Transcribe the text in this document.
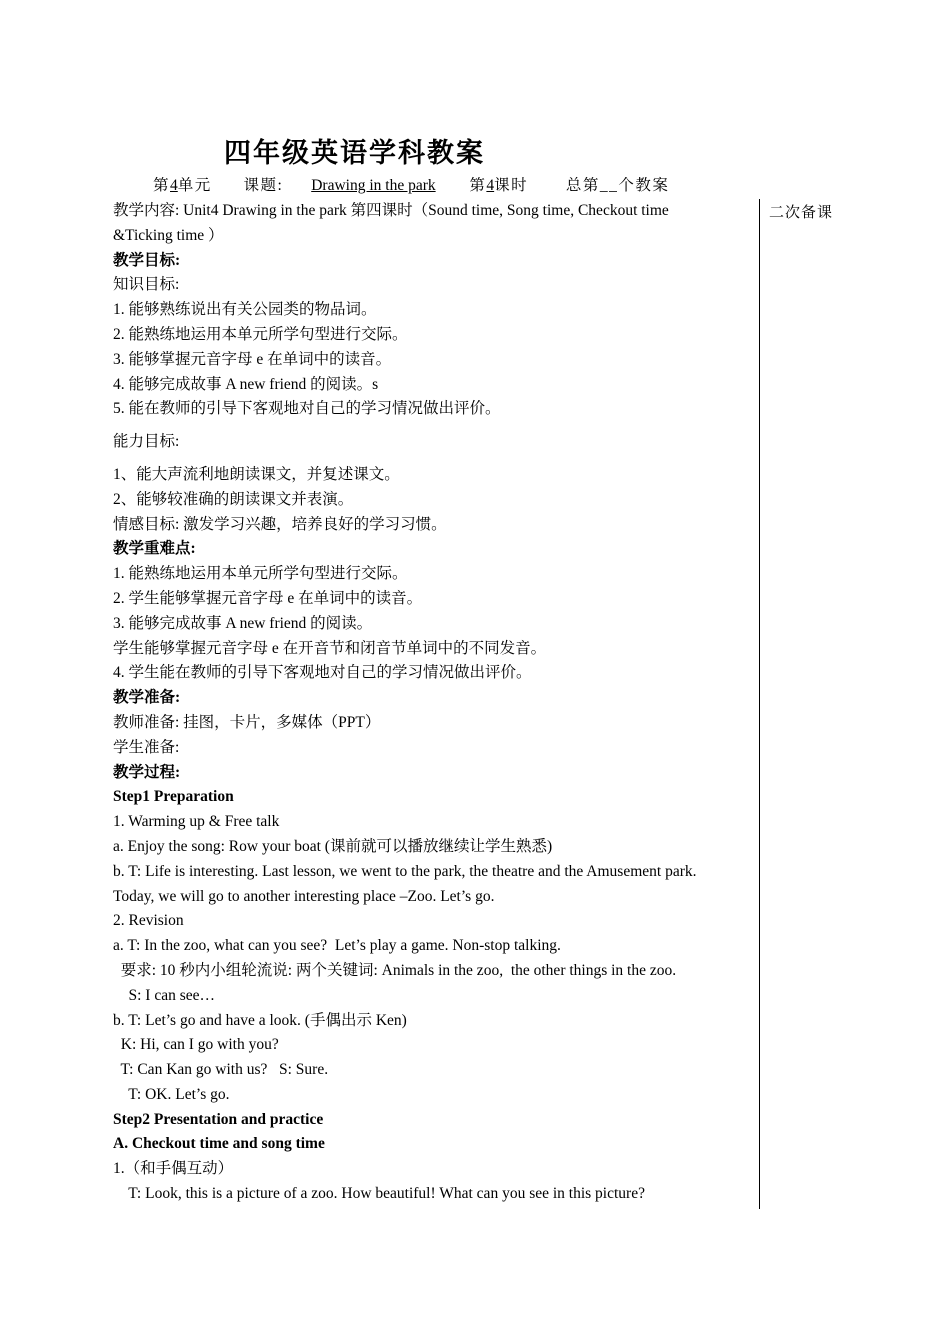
四年级英语学科教案
第4单元 课题: Drawing in the park 第4课时 总第__个教案
二次备课
教学内容: Unit4 Drawing in the park 第四课时（Sound time, Song time, Checkout time
&Ticking time ）
教学目标:
知识目标:
1. 能够熟练说出有关公园类的物品词。
2. 能熟练地运用本单元所学句型进行交际。
3. 能够掌握元音字母 e 在单词中的读音。
4. 能够完成故事 A new friend 的阅读。s
5. 能在教师的引导下客观地对自己的学习情况做出评价。
能力目标:
1、能大声流利地朗读课文，并复述课文。
2、能够较准确的朗读课文并表演。
情感目标: 激发学习兴趣，培养良好的学习习惯。
教学重难点:
1. 能熟练地运用本单元所学句型进行交际。
2. 学生能够掌握元音字母 e 在单词中的读音。
3. 能够完成故事 A new friend 的阅读。
学生能够掌握元音字母 e 在开音节和闭音节单词中的不同发音。
4. 学生能在教师的引导下客观地对自己的学习情况做出评价。
教学准备:
教师准备: 挂图，卡片，多媒体（PPT）
学生准备:
教学过程:
Step1 Preparation
1. Warming up & Free talk
a. Enjoy the song: Row your boat (课前就可以播放继续让学生熟悉)
b. T: Life is interesting. Last lesson, we went to the park, the theatre and the Amusement park.
Today, we will go to another interesting place –Zoo. Let’s go.
2. Revision
a. T: In the zoo, what can you see?  Let’s play a game. Non-stop talking.
要求: 10 秒内小组轮流说: 两个关键词: Animals in the zoo,  the other things in the zoo.
S: I can see…
b. T: Let’s go and have a look. (手偶出示 Ken)
K: Hi, can I go with you?
T: Can Kan go with us?   S: Sure.
T: OK. Let’s go.
Step2 Presentation and practice
A. Checkout time and song time
1.（和手偶互动）
T: Look, this is a picture of a zoo. How beautiful! What can you see in this picture?
